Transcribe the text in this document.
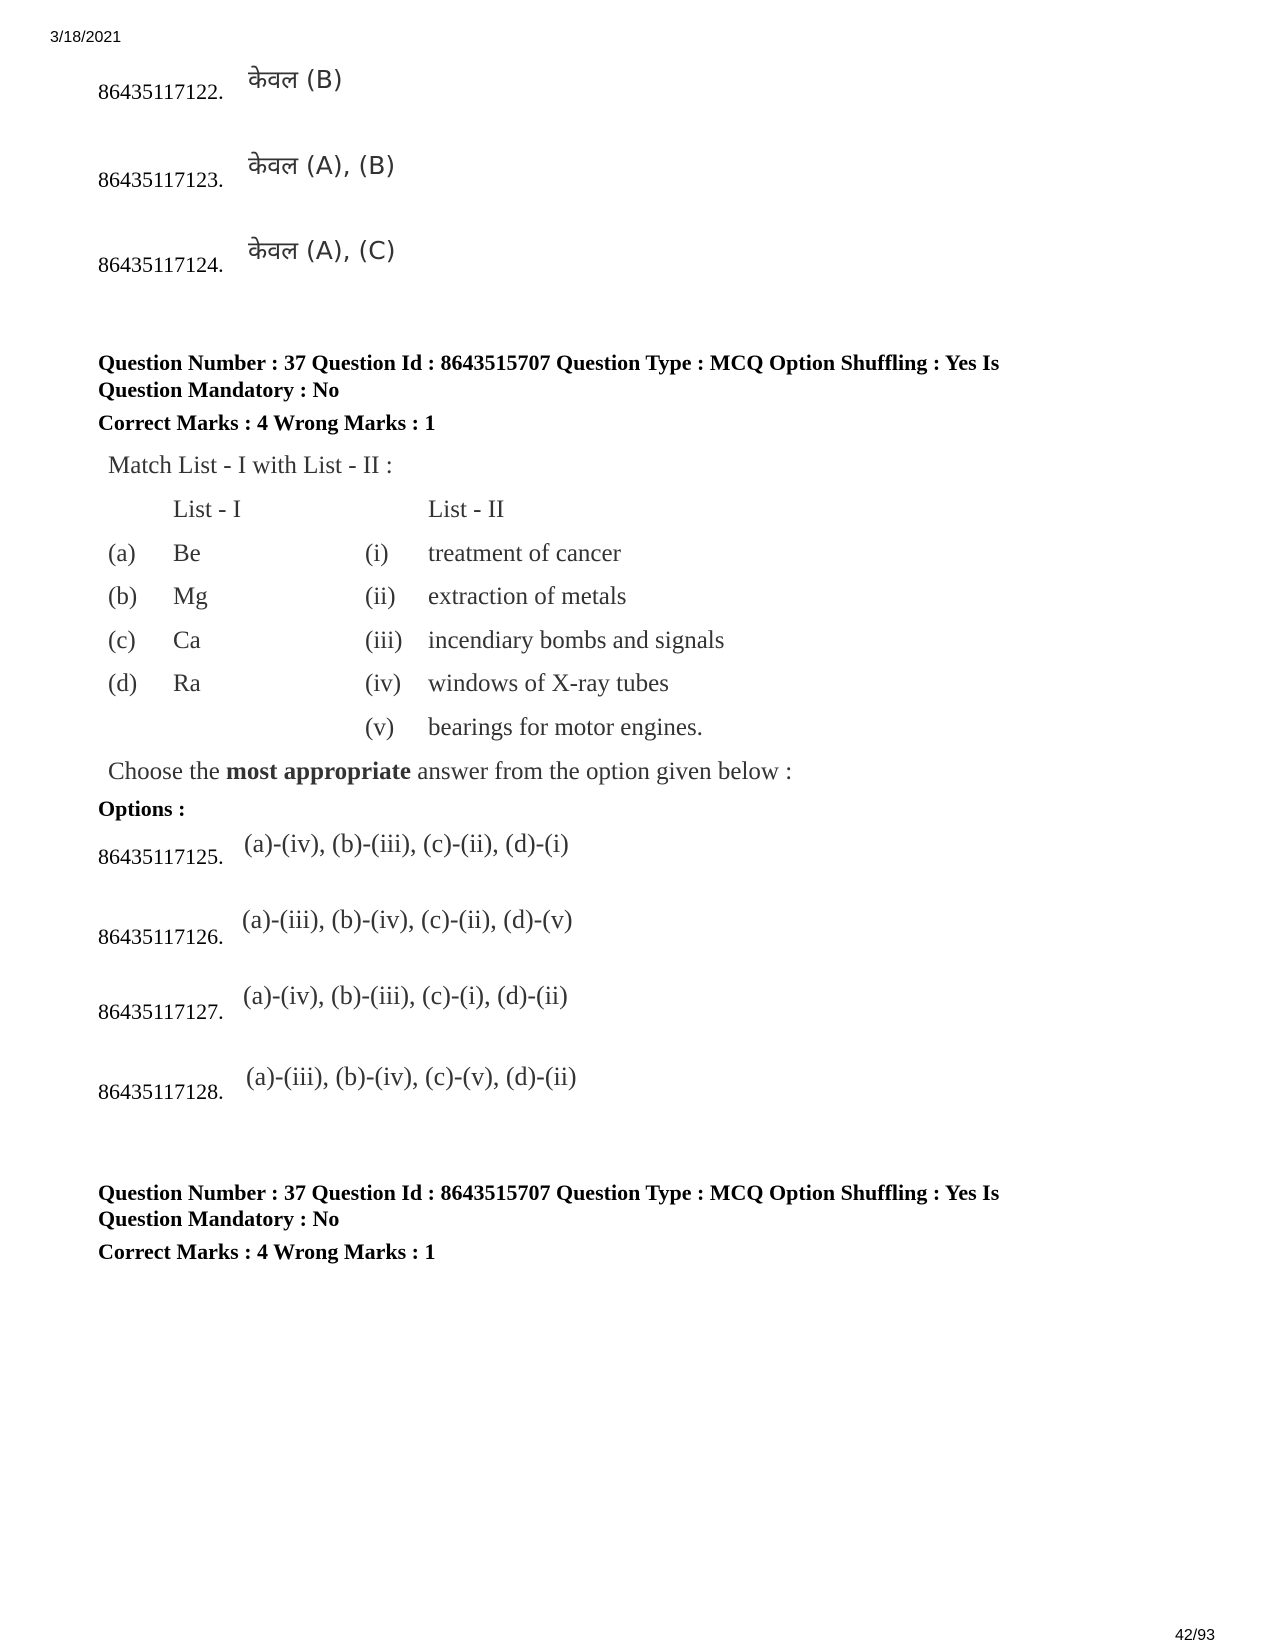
3/18/2021
42/93
86435117122. केवल (B)
86435117123. केवल (A), (B)
86435117124. केवल (A), (C)
Question Number : 37 Question Id : 8643515707 Question Type : MCQ Option Shuffling : Yes Is
Question Mandatory : No
Correct Marks : 4 Wrong Marks : 1
Match List - I with List - II :
List - I	List - II
(a) Be
(b) Mg
(c) Ca
(d) Ra
(i) treatment of cancer
(ii) extraction of metals
(iii) incendiary bombs and signals
(iv) windows of X-ray tubes
(v) bearings for motor engines.
Choose the most appropriate answer from the option given below :
Options :
86435117125. (a)-(iv), (b)-(iii), (c)-(ii), (d)-(i)
86435117126.
(a)-(iii), (b)-(iv), (c)-(ii), (d)-(v)
86435117127.
(a)-(iv), (b)-(iii), (c)-(i), (d)-(ii)
86435117128.
(a)-(iii), (b)-(iv), (c)-(v), (d)-(ii)
Question Number : 37 Question Id : 8643515707 Question Type : MCQ Option Shuffling : Yes Is
Question Mandatory : No
Correct Marks : 4 Wrong Marks : 1
